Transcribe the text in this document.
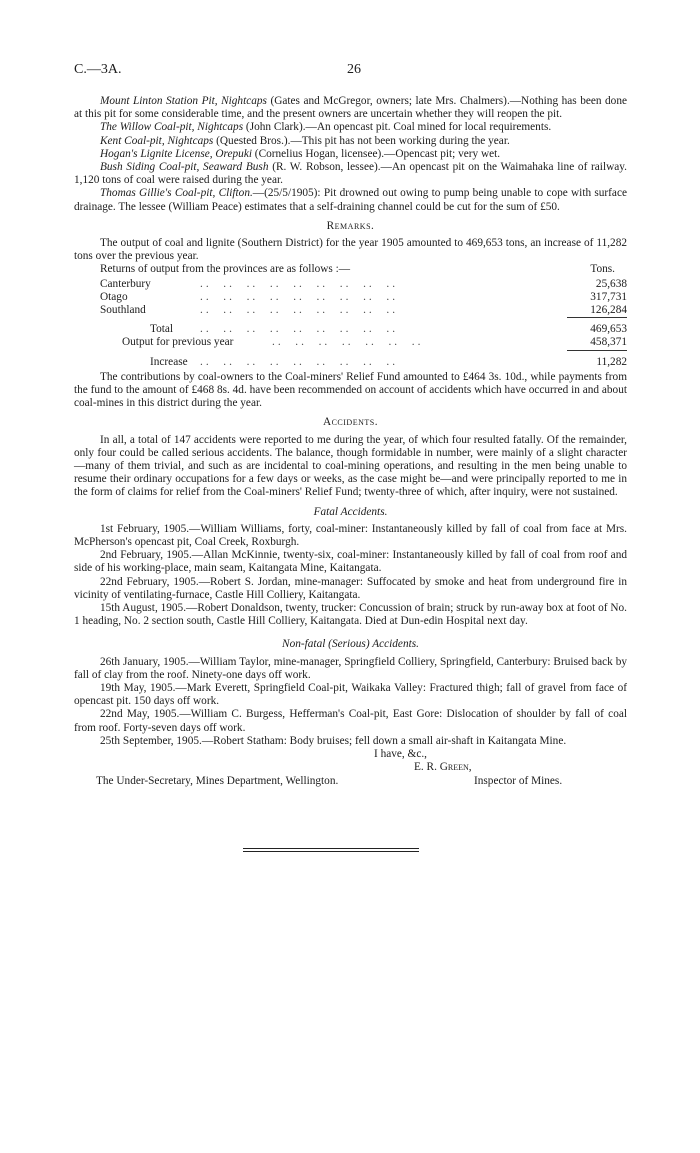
C.—3A.	26

Mount Linton Station Pit, Nightcaps (Gates and McGregor, owners; late Mrs. Chalmers).—Nothing has been done at this pit for some considerable time, and the present owners are uncertain whether they will reopen the pit.

The Willow Coal-pit, Nightcaps (John Clark).—An opencast pit. Coal mined for local requirements.

Kent Coal-pit, Nightcaps (Quested Bros.).—This pit has not been working during the year.

Hogan's Lignite License, Orepuki (Cornelius Hogan, licensee).—Opencast pit; very wet.

Bush Siding Coal-pit, Seaward Bush (R. W. Robson, lessee).—An opencast pit on the Waimahaka line of railway. 1,120 tons of coal were raised during the year.

Thomas Gillie's Coal-pit, Clifton.—(25/5/1905): Pit drowned out owing to pump being unable to cope with surface drainage. The lessee (William Peace) estimates that a self-draining channel could be cut for the sum of £50.

Remarks.

The output of coal and lignite (Southern District) for the year 1905 amounted to 469,653 tons, an increase of 11,282 tons over the previous year.

Returns of output from the provinces are as follows :—	Tons.

Canterbury	..  ..  ..  ..  ..  ..  ..  ..  ..	25,638
Otago	..  ..  ..  ..  ..  ..  ..  ..  ..	317,731
Southland	..  ..  ..  ..  ..  ..  ..  ..  ..	126,284
Total	..  ..  ..  ..  ..  ..  ..  ..  ..	469,653
Output for previous year	..  ..  ..  ..  ..  ..  ..	458,371
Increase	..  ..  ..  ..  ..  ..  ..  ..  ..	11,282

The contributions by coal-owners to the Coal-miners' Relief Fund amounted to £464 3s. 10d., while payments from the fund to the amount of £468 8s. 4d. have been recommended on account of accidents which have occurred in and about coal-mines in this district during the year.

Accidents.

In all, a total of 147 accidents were reported to me during the year, of which four resulted fatally. Of the remainder, only four could be called serious accidents. The balance, though formidable in number, were mainly of a slight character—many of them trivial, and such as are incidental to coal-mining operations, and resulting in the men being unable to resume their ordinary occupations for a few days or weeks, as the case might be—and were principally reported to me in the form of claims for relief from the Coal-miners' Relief Fund; twenty-three of which, after inquiry, were not sustained.

Fatal Accidents.

1st February, 1905.—William Williams, forty, coal-miner: Instantaneously killed by fall of coal from face at Mrs. McPherson's opencast pit, Coal Creek, Roxburgh.

2nd February, 1905.—Allan McKinnie, twenty-six, coal-miner: Instantaneously killed by fall of coal from roof and side of his working-place, main seam, Kaitangata Mine, Kaitangata.

22nd February, 1905.—Robert S. Jordan, mine-manager: Suffocated by smoke and heat from underground fire in vicinity of ventilating-furnace, Castle Hill Colliery, Kaitangata.

15th August, 1905.—Robert Donaldson, twenty, trucker: Concussion of brain; struck by run-away box at foot of No. 1 heading, No. 2 section south, Castle Hill Colliery, Kaitangata. Died at Dun-edin Hospital next day.

Non-fatal (Serious) Accidents.

26th January, 1905.—William Taylor, mine-manager, Springfield Colliery, Springfield, Canterbury: Bruised back by fall of clay from the roof. Ninety-one days off work.

19th May, 1905.—Mark Everett, Springfield Coal-pit, Waikaka Valley: Fractured thigh; fall of gravel from face of opencast pit. 150 days off work.

22nd May, 1905.—William C. Burgess, Hefferman's Coal-pit, East Gore: Dislocation of shoulder by fall of coal from roof. Forty-seven days off work.

25th September, 1905.—Robert Statham: Body bruises; fell down a small air-shaft in Kaitangata Mine.

I have, &c.,
E. R. Green,
The Under-Secretary, Mines Department, Wellington.	Inspector of Mines.
